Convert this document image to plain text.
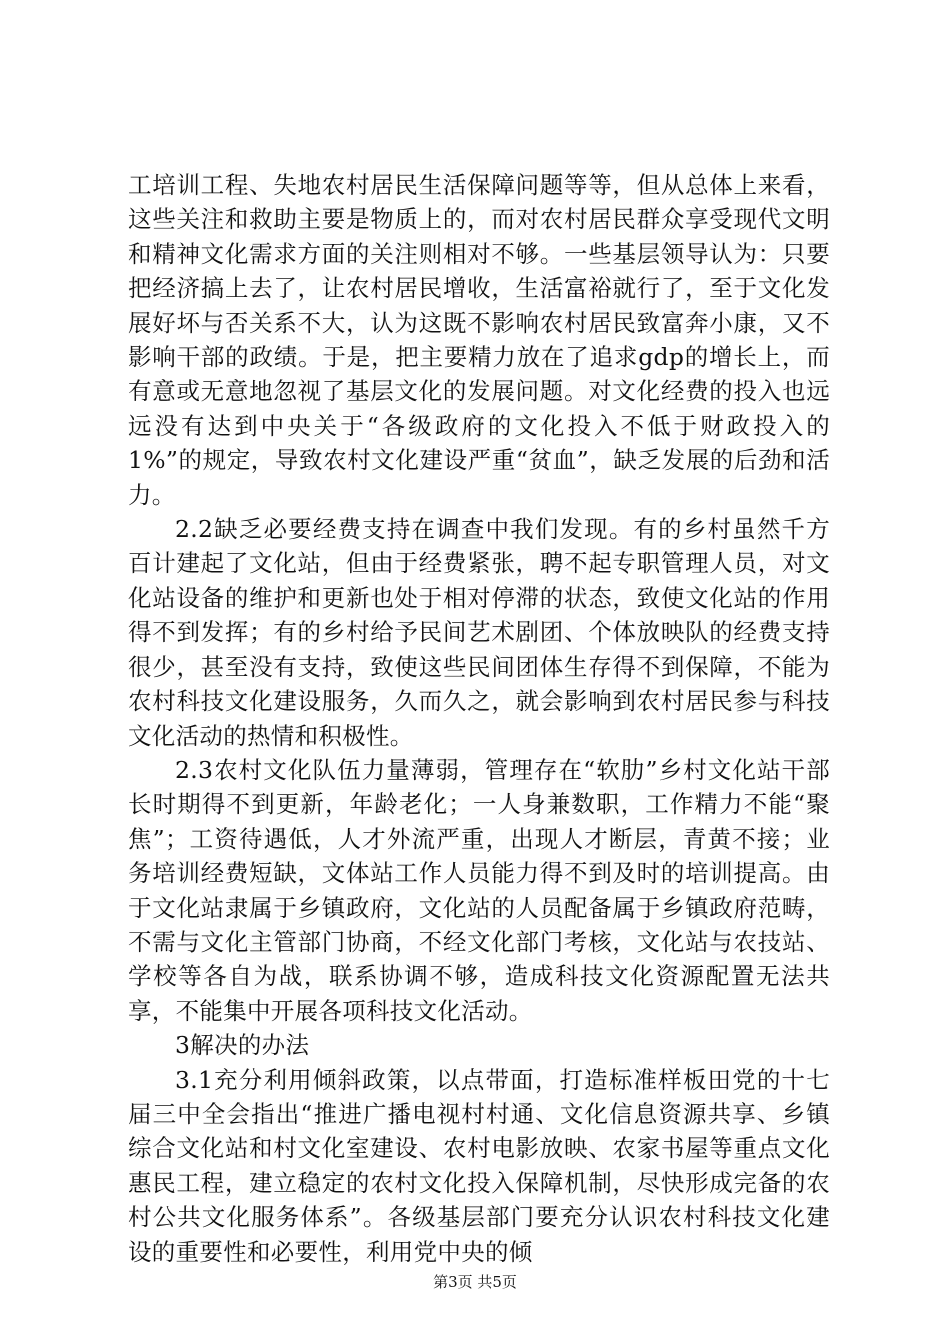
工培训工程、失地农村居民生活保障问题等等，但从总体上来看，这些关注和救助主要是物质上的，而对农村居民群众享受现代文明和精神文化需求方面的关注则相对不够。一些基层领导认为：只要把经济搞上去了，让农村居民增收，生活富裕就行了，至于文化发展好坏与否关系不大，认为这既不影响农村居民致富奔小康，又不影响干部的政绩。于是，把主要精力放在了追求gdp的增长上，而有意或无意地忽视了基层文化的发展问题。对文化经费的投入也远远没有达到中央关于“各级政府的文化投入不低于财政投入的1%”的规定，导致农村文化建设严重“贫血”，缺乏发展的后劲和活力。

2.2缺乏必要经费支持在调查中我们发现。有的乡村虽然千方百计建起了文化站，但由于经费紧张，聘不起专职管理人员，对文化站设备的维护和更新也处于相对停滞的状态，致使文化站的作用得不到发挥；有的乡村给予民间艺术剧团、个体放映队的经费支持很少，甚至没有支持，致使这些民间团体生存得不到保障，不能为农村科技文化建设服务，久而久之，就会影响到农村居民参与科技文化活动的热情和积极性。

2.3农村文化队伍力量薄弱，管理存在“软肋”乡村文化站干部长时期得不到更新，年龄老化；一人身兼数职，工作精力不能“聚焦”；工资待遇低，人才外流严重，出现人才断层，青黄不接；业务培训经费短缺，文体站工作人员能力得不到及时的培训提高。由于文化站隶属于乡镇政府，文化站的人员配备属于乡镇政府范畴，不需与文化主管部门协商，不经文化部门考核，文化站与农技站、学校等各自为战，联系协调不够，造成科技文化资源配置无法共享，不能集中开展各项科技文化活动。

3解决的办法

3.1充分利用倾斜政策，以点带面，打造标准样板田党的十七届三中全会指出“推进广播电视村村通、文化信息资源共享、乡镇综合文化站和村文化室建设、农村电影放映、农家书屋等重点文化惠民工程，建立稳定的农村文化投入保障机制，尽快形成完备的农村公共文化服务体系”。各级基层部门要充分认识农村科技文化建设的重要性和必要性，利用党中央的倾

第3页 共5页
